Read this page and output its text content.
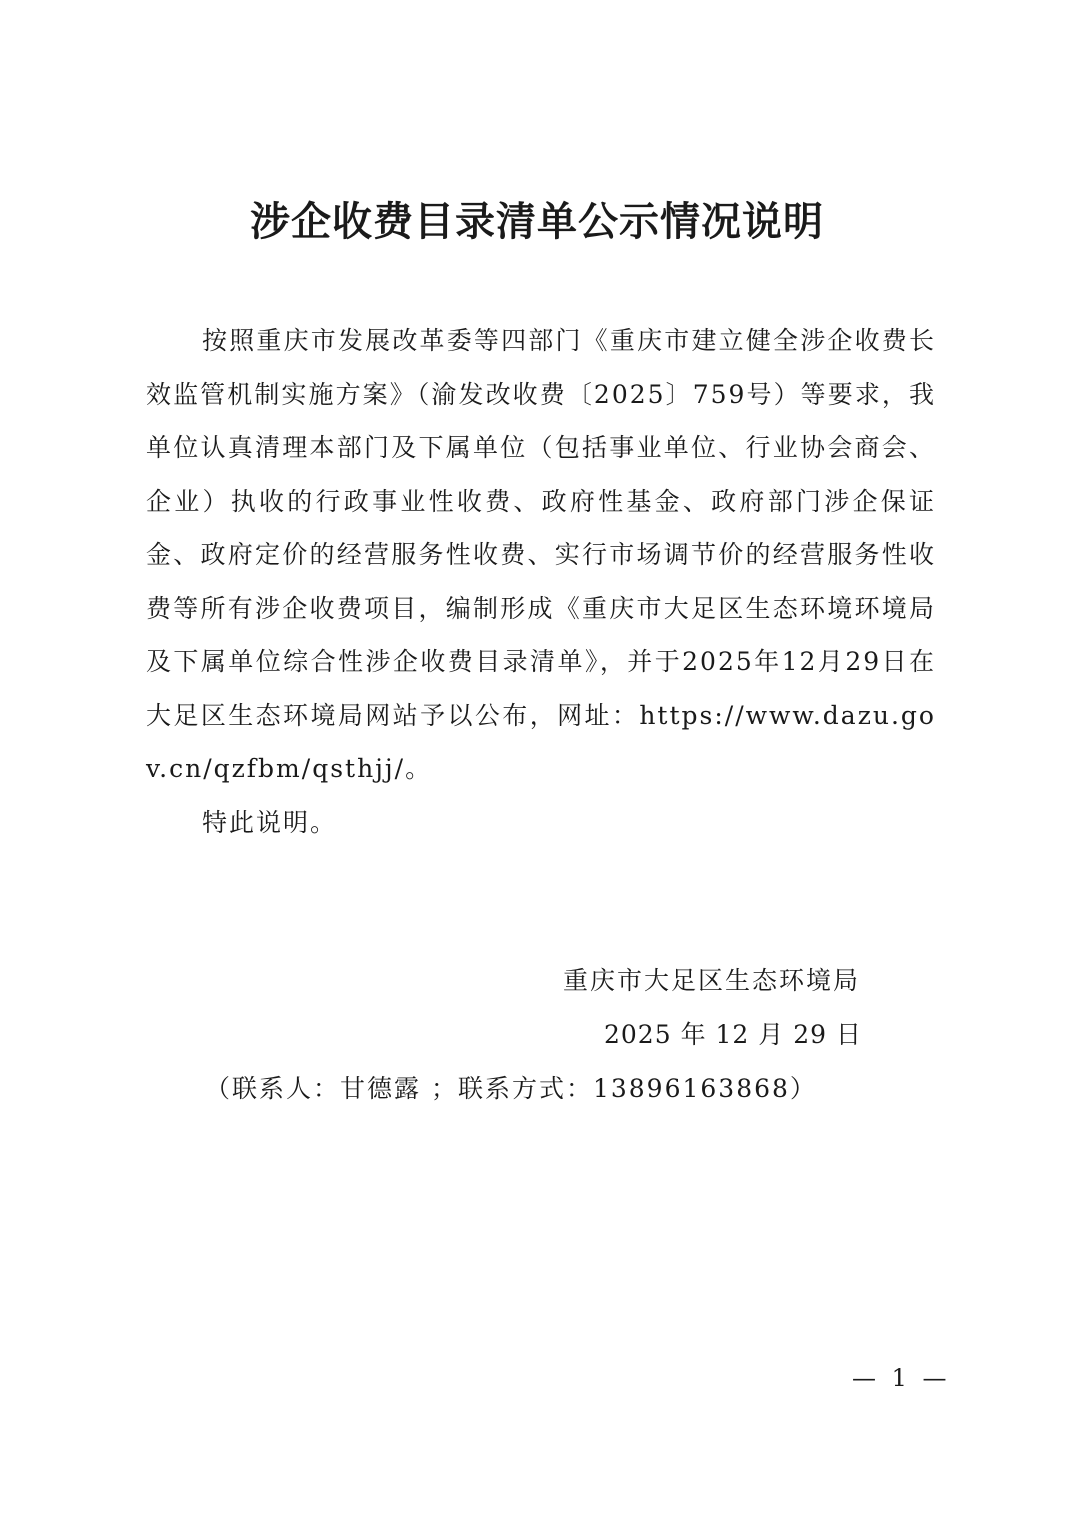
涉企收费目录清单公示情况说明

按照重庆市发展改革委等四部门《重庆市建立健全涉企收费长效监管机制实施方案》（渝发改收费〔2025〕759号）等要求，我单位认真清理本部门及下属单位（包括事业单位、行业协会商会、企业）执收的行政事业性收费、政府性基金、政府部门涉企保证金、政府定价的经营服务性收费、实行市场调节价的经营服务性收费等所有涉企收费项目，编制形成《重庆市大足区生态环境环境局及下属单位综合性涉企收费目录清单》，并于2025年12月29日在大足区生态环境局网站予以公布，网址：https://www.dazu.gov.cn/qzfbm/qsthjj/。

特此说明。

重庆市大足区生态环境局

2025 年 12 月 29 日

（联系人：甘德露 ；联系方式：13896163868）

— 1 —
